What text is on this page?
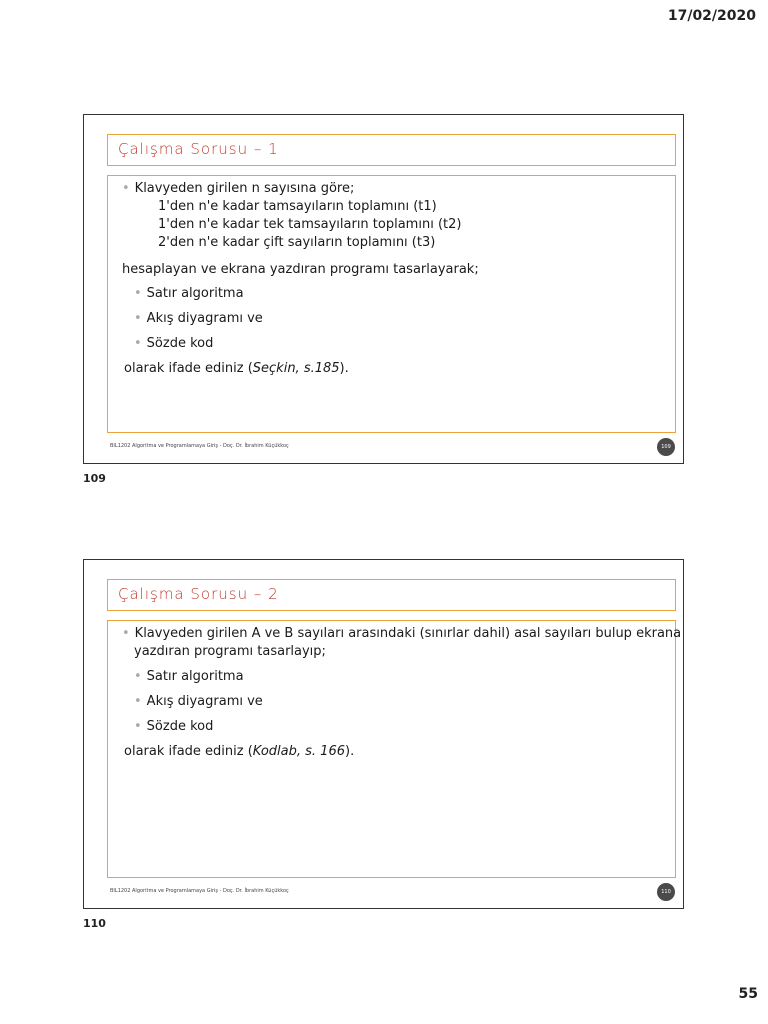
17/02/2020
Çalışma Sorusu – 1
• Klavyeden girilen n sayısına göre;
1'den n'e kadar tamsayıların toplamını (t1)
1'den n'e kadar tek tamsayıların toplamını (t2)
2'den n'e kadar çift sayıların toplamını (t3)
hesaplayan ve ekrana yazdıran programı tasarlayarak;
• Satır algoritma
• Akış diyagramı ve
• Sözde kod
olarak ifade ediniz (Seçkin, s.185).
BIL1202 Algoritma ve Programlamaya Giriş - Doç. Dr. İbrahim Küçükkoç	109
109
Çalışma Sorusu – 2
• Klavyeden girilen A ve B sayıları arasındaki (sınırlar dahil) asal sayıları bulup ekrana
yazdıran programı tasarlayıp;
• Satır algoritma
• Akış diyagramı ve
• Sözde kod
olarak ifade ediniz (Kodlab, s. 166).
BIL1202 Algoritma ve Programlamaya Giriş - Doç. Dr. İbrahim Küçükkoç	110
110
55
